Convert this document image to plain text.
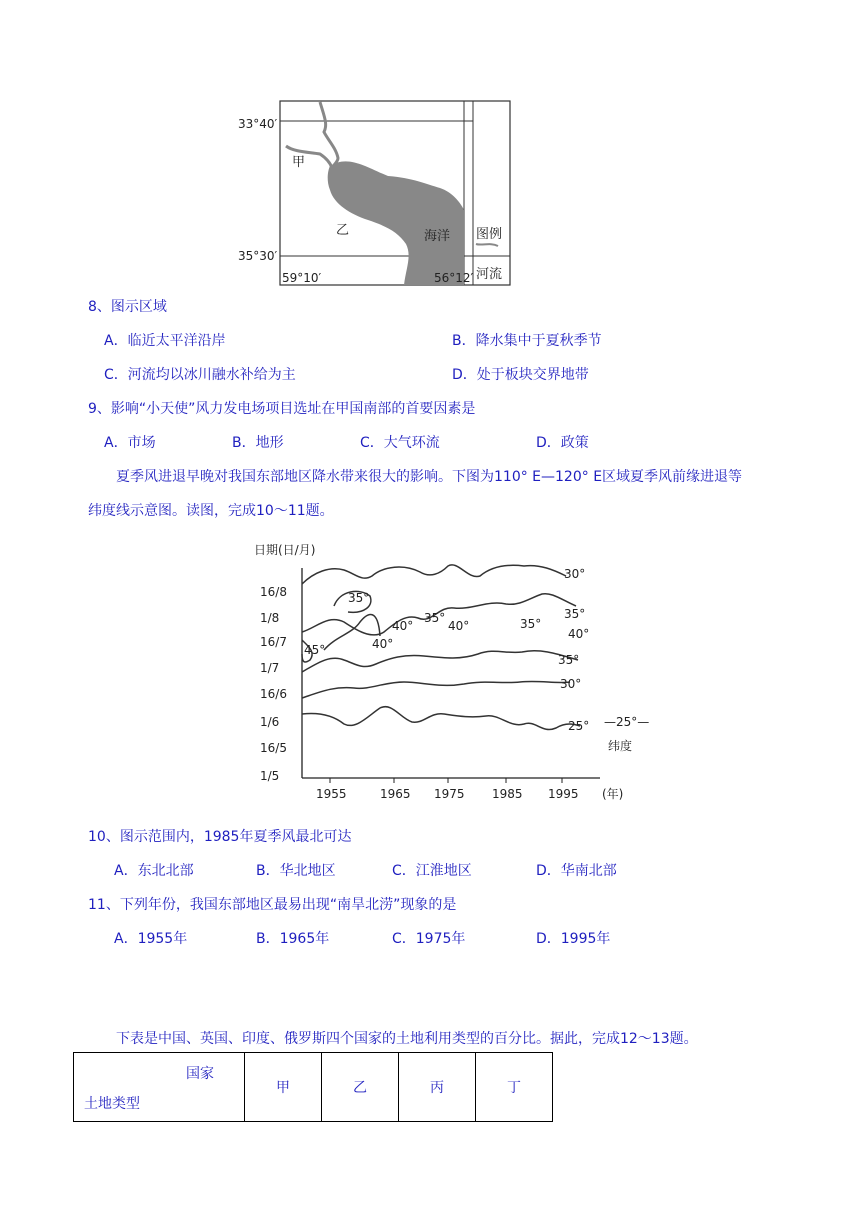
33°40′
35°30′
59°10′	56°12′
甲
乙	海洋 图例
河流
8、图示区域
A．临近太平洋沿岸	B．降水集中于夏秋季节
C．河流均以冰川融水补给为主	D．处于板块交界地带
9、影响“小天使”风力发电场项目选址在甲国南部的首要因素是
A．市场	B．地形	C．大气环流	D．政策
夏季风进退早晚对我国东部地区降水带来很大的影响。下图为110° E—120° E区域夏季风前缘进退等
纬度线示意图。读图，完成10～11题。
日期(日/月)
16/8
1/8
16/7
1/7
16/6
1/6
16/5
1/5
1955	1965 1975 1985 1995 (年)
30°
35°
35°
40°
35°
40°	35°
40°
45°	40°
35°
30°
25° —25°—
纬度
10、图示范围内，1985年夏季风最北可达
A．东北北部	B．华北地区	C．江淮地区	D．华南北部
11、下列年份，我国东部地区最易出现“南旱北涝”现象的是
A．1955年	B．1965年	C．1975年	D．1995年
下表是中国、英国、印度、俄罗斯四个国家的土地利用类型的百分比。据此，完成12～13题。
国家
土地类型
	甲	乙	丙	丁
